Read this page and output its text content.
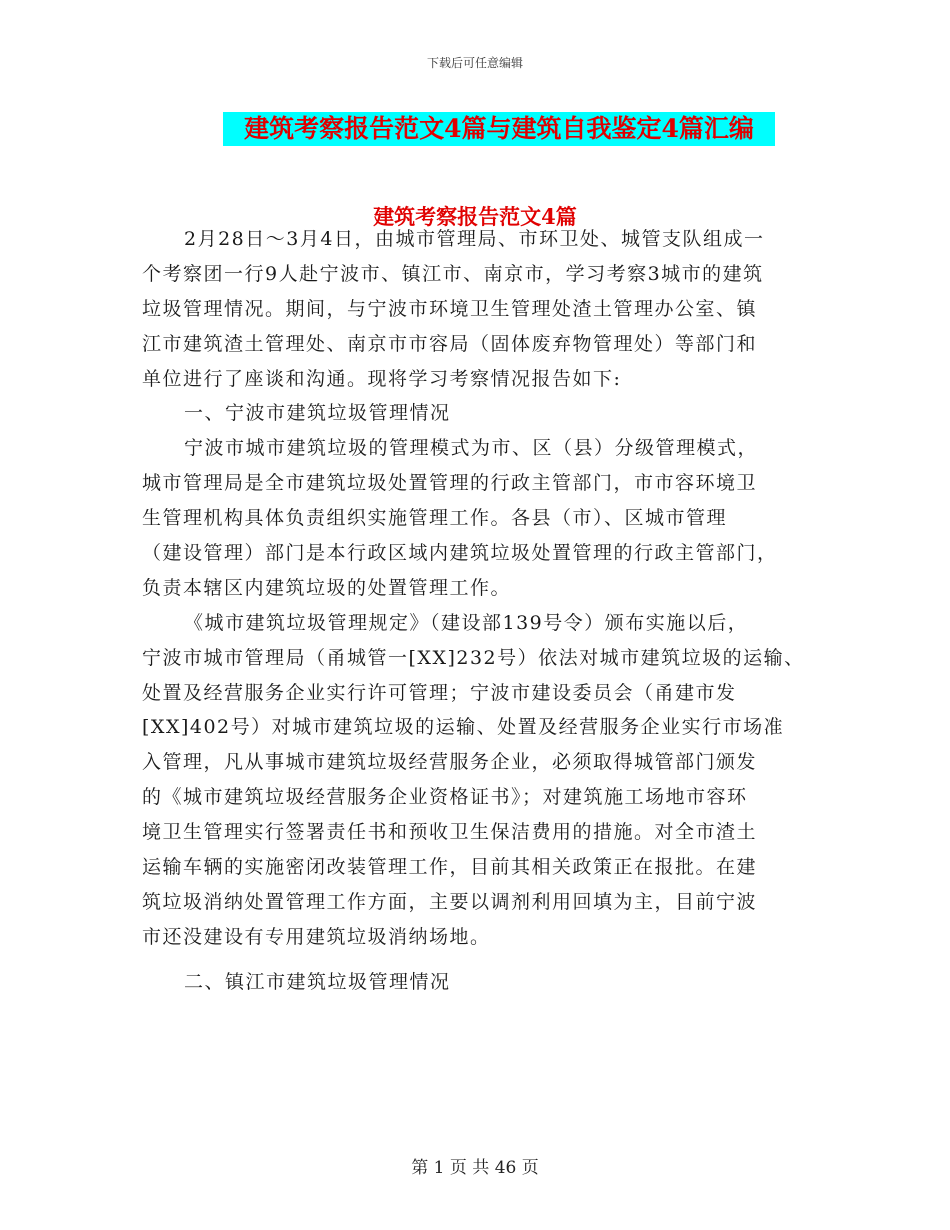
下载后可任意编辑
建筑考察报告范文4篇与建筑自我鉴定4篇汇编
建筑考察报告范文4篇
2月28日～3月4日，由城市管理局、市环卫处、城管支队组成一
个考察团一行9人赴宁波市、镇江市、南京市，学习考察3城市的建筑
垃圾管理情况。期间，与宁波市环境卫生管理处渣土管理办公室、镇
江市建筑渣土管理处、南京市市容局（固体废弃物管理处）等部门和
单位进行了座谈和沟通。现将学习考察情况报告如下:
一、宁波市建筑垃圾管理情况
宁波市城市建筑垃圾的管理模式为市、区（县）分级管理模式，
城市管理局是全市建筑垃圾处置管理的行政主管部门，市市容环境卫
生管理机构具体负责组织实施管理工作。各县（市）、区城市管理
（建设管理）部门是本行政区域内建筑垃圾处置管理的行政主管部门，
负责本辖区内建筑垃圾的处置管理工作。
《城市建筑垃圾管理规定》（建设部139号令）颁布实施以后，
宁波市城市管理局（甬城管一[XX]232号）依法对城市建筑垃圾的运输、
处置及经营服务企业实行许可管理；宁波市建设委员会（甬建市发
[XX]402号）对城市建筑垃圾的运输、处置及经营服务企业实行市场准
入管理，凡从事城市建筑垃圾经营服务企业，必须取得城管部门颁发
的《城市建筑垃圾经营服务企业资格证书》；对建筑施工场地市容环
境卫生管理实行签署责任书和预收卫生保洁费用的措施。对全市渣土
运输车辆的实施密闭改装管理工作，目前其相关政策正在报批。在建
筑垃圾消纳处置管理工作方面，主要以调剂利用回填为主，目前宁波
市还没建设有专用建筑垃圾消纳场地。
二、镇江市建筑垃圾管理情况
第 1 页 共 46 页
